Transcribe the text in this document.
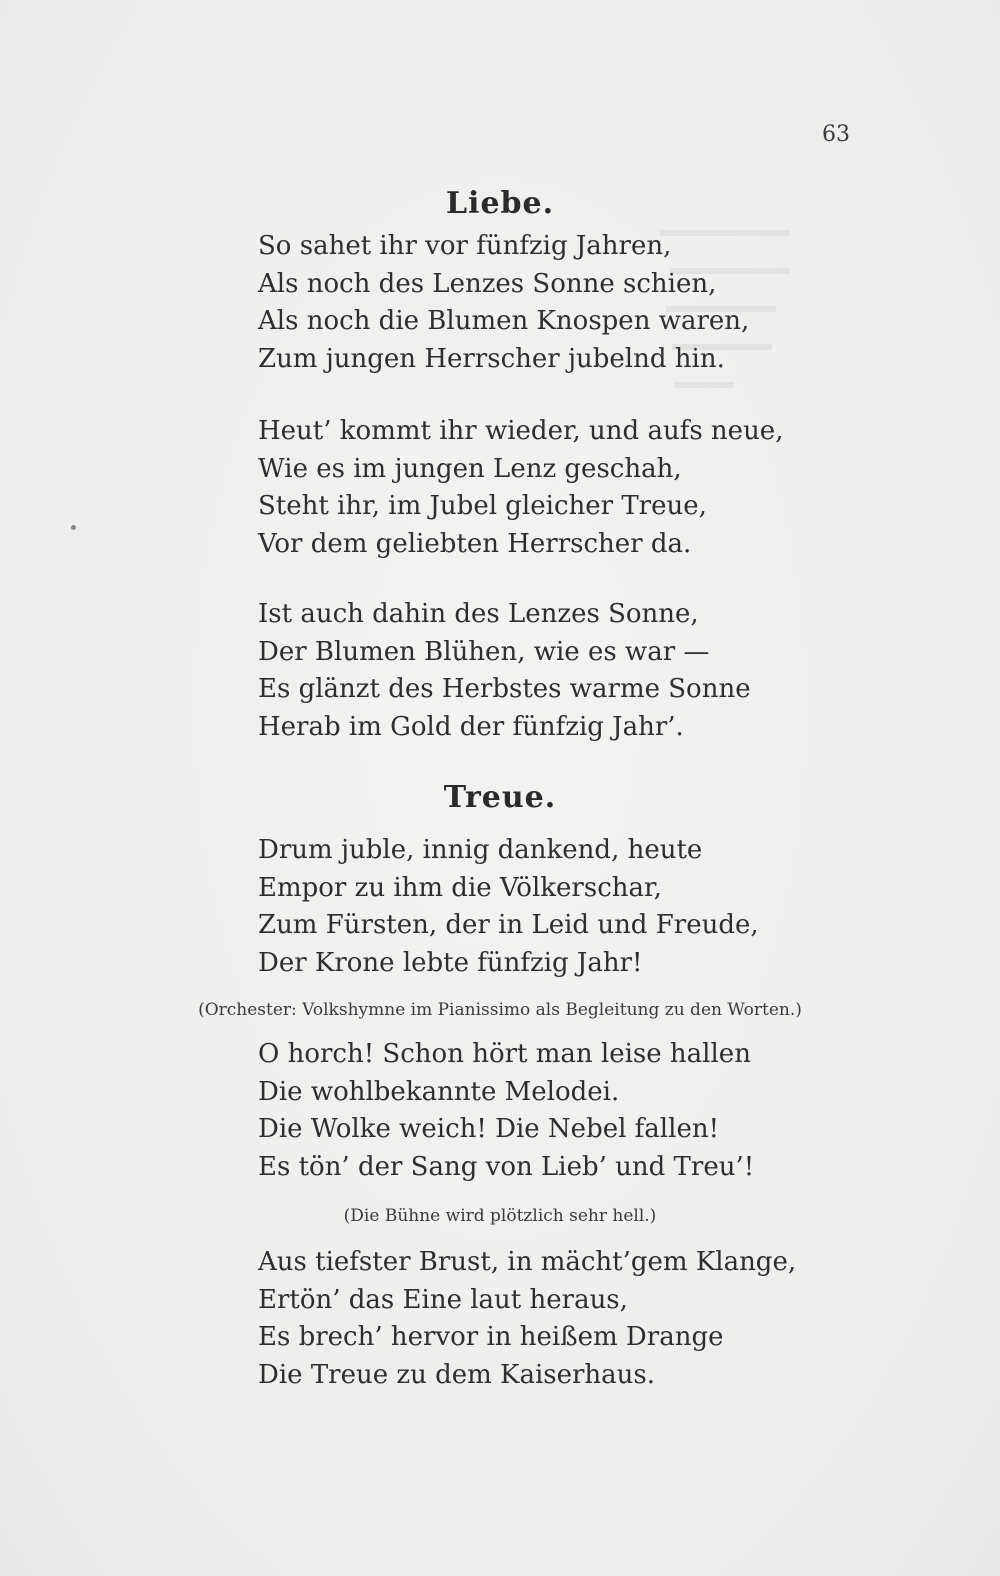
63
Liebe.
So sahet ihr vor fünfzig Jahren,
Als noch des Lenzes Sonne schien,
Als noch die Blumen Knospen waren,
Zum jungen Herrscher jubelnd hin.
Heut’ kommt ihr wieder, und aufs neue,
Wie es im jungen Lenz geschah,
Steht ihr, im Jubel gleicher Treue,
Vor dem geliebten Herrscher da.
Ist auch dahin des Lenzes Sonne,
Der Blumen Blühen, wie es war —
Es glänzt des Herbstes warme Sonne
Herab im Gold der fünfzig Jahr’.
Treue.
Drum juble, innig dankend, heute
Empor zu ihm die Völkerschar,
Zum Fürsten, der in Leid und Freude,
Der Krone lebte fünfzig Jahr!
(Orchester: Volkshymne im Pianissimo als Begleitung zu den Worten.)
O horch! Schon hört man leise hallen
Die wohlbekannte Melodei.
Die Wolke weich! Die Nebel fallen!
Es tön’ der Sang von Lieb’ und Treu’!
(Die Bühne wird plötzlich sehr hell.)
Aus tiefster Brust, in mächt’gem Klange,
Ertön’ das Eine laut heraus,
Es brech’ hervor in heißem Drange
Die Treue zu dem Kaiserhaus.
